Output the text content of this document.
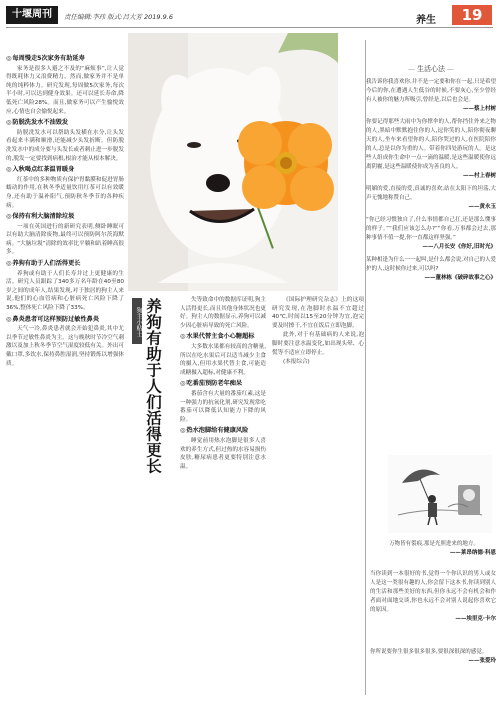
十堰周刊	责任编辑:李玮 版式:吕大芳 2019.9.6	养生	19
◎ 每周慢走5次家务有助延寿

家务是很多人避之不及的“麻烦事”,让人觉得既耗体力又浪费精力。然而,做家务并不是单纯的纯粹体力。研究发现,每周做5次家务,每次半小时,可以达到健身效果。还可以延长寿命,降低死亡风险28%。而且,做家务可以产生愉悦效应,心情也自会愉悦起来。

◎ 防脱洗发水不油毁发

防脱洗发水可以帮助头发横在水分,让头发看起来丰满和顺滑,还能减少头发折断。但防脱洗发水中的成分要与头发长或者刺止进一步脱发的,脱发一定要找到病根,根治才能从根本解决。

◎ 入秋喝点红茶温胃暖身

红茶中的多种物质有保护胃黏膜和促进胃肠蠕动的作用,在秋冬季适量饮用红茶可以有效暖身,还有助于温补阳气,预防秋冬季节的各种疾病。

◎ 保持有利大脑清除垃圾

一项在英国进行的新研究表明,侧卧睡眠可以有助大脑清除废物,最终可以预防阿尔茨海默病。“大脑垃圾”清除的效率比平躺和趴着睡高很多。

◎ 养狗有助于人们活得更长

养狗或有助于人们长寿并过上更健康的生活。研究人员跟踪了340多万名年龄在40至80岁之间的成年人,结果发现,对于独居的狗主人来说,他们的心血管病和心脏病死亡风险下降了36%,整体死亡风险下降了33%。

◎ 鼻炎患者可这样预防过敏性鼻炎

天气一冷,鼻炎患者就会开始犯鼻炎,其中尤以季节过敏性鼻炎为主。这与晚秋时节冷空气刺激以及加上秋冬季节空气湿度较低有关。外出可戴口罩,多饮水,保持鼻腔湿润,坚持锻炼以增强体质。

狗主小贴士 养狗有助于人们活得更长	失等致命中的数据库证明,狗主人活得更长,而且其他身体状况也更好。狗主人的数据显示,养狗可以减少因心脏病导致的死亡风险。

◎ 水果代替主食小心糖超标

大多数水果都有较高的含糖量,所以在吃水果后可以适当减少主食的摄入,但用水果代替主食,可能造成糖摄入超标,对健康不利。

◎ 吃番茄预防老年痴呆

番茄含有大量的番茄红素,这是一种强力的抗氧化剂,研究发现常吃番茄可以降低认知能力下降的风险。

◎ 热水泡脚给有健康风险

睡觉前用热水泡脚是很多人喜欢的养生方式,但过热的水容易损伤皮肤,糖尿病患者更要特别注意水温。

《国际护理研究杂志》上的这项研究发现,在泡脚时水温不宜超过40℃,时间以15至20分钟为宜,泡完要及时擦干,不宜在饭后立即泡脚。

此外,对于有基础病的人来说,泡脚时要注意水温变化,如出现头晕、心慌等不适应立即停止。

(本报综合)

— 生活心法 —
我告诉你我喜欢你,并不是一定要和你在一起,只是希望今后的你,在遭遇人生低谷的时候,不要灰心,至少曾经有人被你的魅力所吸引,曾经是,以后也会是。
——蔡上村树
你要记得那些大雨中为你撑伞的人,帮你挡住外来之物的人,黑暗中默默抱住你的人,逗你笑的人,陪你彻夜聊天的人,坐车来看望你的人,陪你哭过的人,在医院陪你的人,总是以你为重的人。带着你四处游玩的人。是这些人组成你生命中一点一滴的温暖,是这些温暖使你远离阴霾,是这些温暖使你成为善良的人。
——村上春树
明媚的爱,直接的爱,真诚的喜欢,站在太阳下的坦荡,大声无愧地称赞自己。
——黄永玉
“你已经习惯独自了,什么事情都自己扛,还是那么懂事的样子。”“我们应该怎么办?”“你看,万事都会过去,那种事情不值一提,你一直都这样坚强。”
——八月长安《你好,旧时光》
某种相逢为什么一一起叫,是什么都会说,对自己的人爱护的人,这时候你过来,可以吗?
——董林栋《破碎故事之心》
万物皆有裂痕,那是光照进来的地方。
——莱昂纳德·科恩
当你读到一本很好的书,觉得一个你认识的男人或女人是这一类很有趣的人,你会留下这本书,你读到别人的生活和那些美好的东西,但你永远不会有机会和作者面对面地交谈,你也永远不会对别人说起你喜欢它的原因。
——埃里克·卡尔
你所说要你生很多很多很多,要很深很深的感觉。
——张爱玲
